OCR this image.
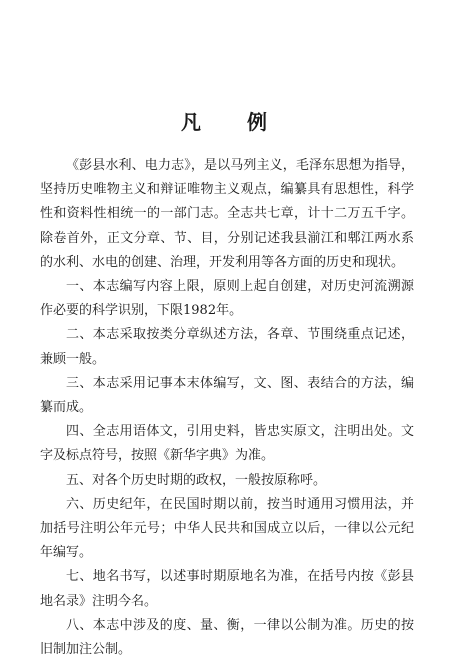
凡 例

《彭县水利、电力志》，是以马列主义，毛泽东思想为指导，坚持历史唯物主义和辩证唯物主义观点，编纂具有思想性，科学性和资料性相统一的一部门志。全志共七章，计十二万五千字。除卷首外，正文分章、节、目，分别记述我县湔江和郫江两水系的水利、水电的创建、治理，开发利用等各方面的历史和现状。

一、本志编写内容上限，原则上起自创建，对历史河流溯源作必要的科学识别，下限1982年。

二、本志采取按类分章纵述方法，各章、节围绕重点记述，兼顾一般。

三、本志采用记事本末体编写，文、图、表结合的方法，编纂而成。

四、全志用语体文，引用史料，皆忠实原文，注明出处。文字及标点符号，按照《新华字典》为准。

五、对各个历史时期的政权，一般按原称呼。

六、历史纪年，在民国时期以前，按当时通用习惯用法，并加括号注明公年元号；中华人民共和国成立以后，一律以公元纪年编写。

七、地名书写，以述事时期原地名为准，在括号内按《彭县地名录》注明今名。

八、本志中涉及的度、量、衡，一律以公制为准。历史的按旧制加注公制。
